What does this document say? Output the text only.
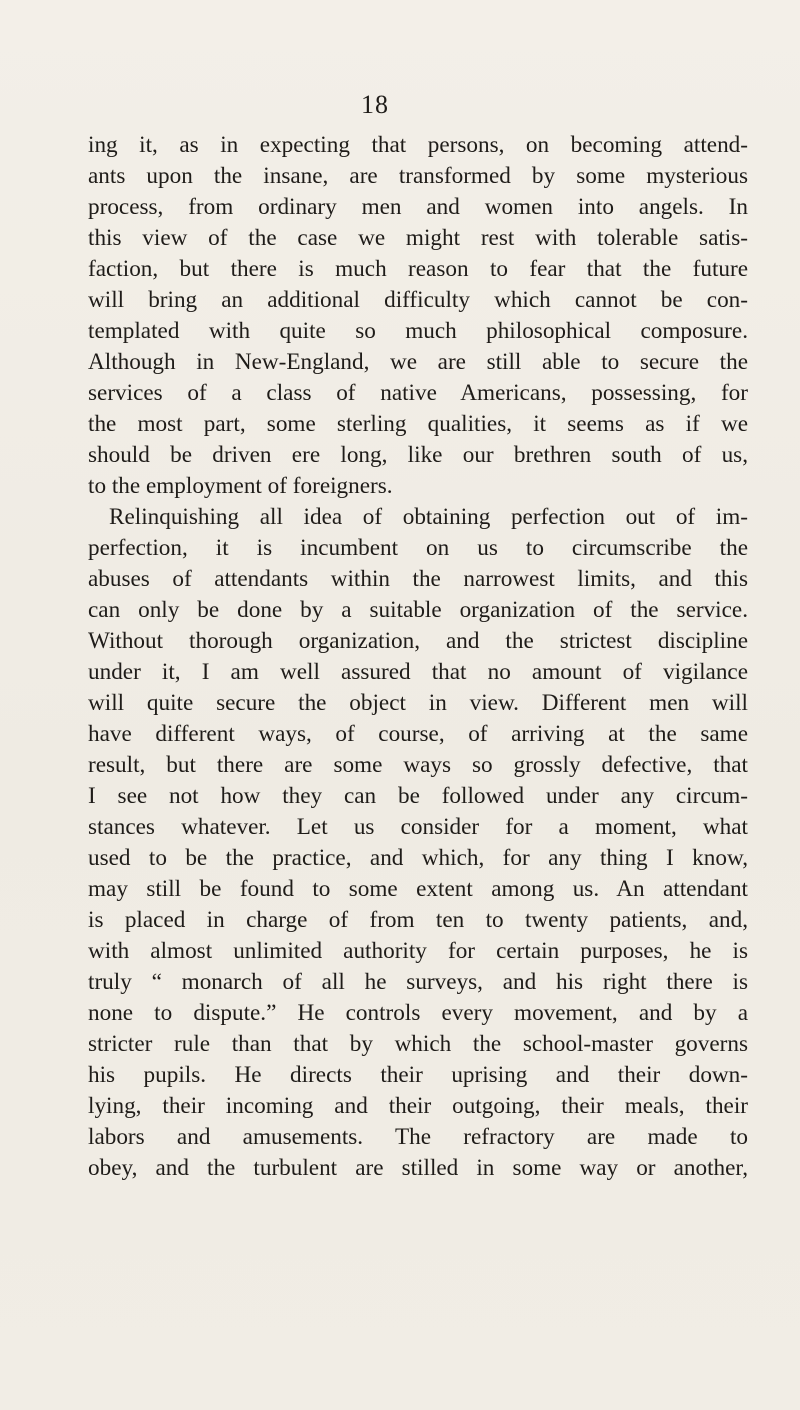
18
ing it, as in expecting that persons, on becoming attend-
ants upon the insane, are transformed by some mysterious
process, from ordinary men and women into angels. In
this view of the case we might rest with tolerable satis-
faction, but there is much reason to fear that the future
will bring an additional difficulty which cannot be con-
templated with quite so much philosophical composure.
Although in New-England, we are still able to secure the
services of a class of native Americans, possessing, for
the most part, some sterling qualities, it seems as if we
should be driven ere long, like our brethren south of us,
to the employment of foreigners.
Relinquishing all idea of obtaining perfection out of im-
perfection, it is incumbent on us to circumscribe the
abuses of attendants within the narrowest limits, and this
can only be done by a suitable organization of the service.
Without thorough organization, and the strictest discipline
under it, I am well assured that no amount of vigilance
will quite secure the object in view. Different men will
have different ways, of course, of arriving at the same
result, but there are some ways so grossly defective, that
I see not how they can be followed under any circum-
stances whatever. Let us consider for a moment, what
used to be the practice, and which, for any thing I know,
may still be found to some extent among us. An attendant
is placed in charge of from ten to twenty patients, and,
with almost unlimited authority for certain purposes, he is
truly “ monarch of all he surveys, and his right there is
none to dispute.” He controls every movement, and by a
stricter rule than that by which the school-master governs
his pupils. He directs their uprising and their down-
lying, their incoming and their outgoing, their meals, their
labors and amusements. The refractory are made to
obey, and the turbulent are stilled in some way or another,
